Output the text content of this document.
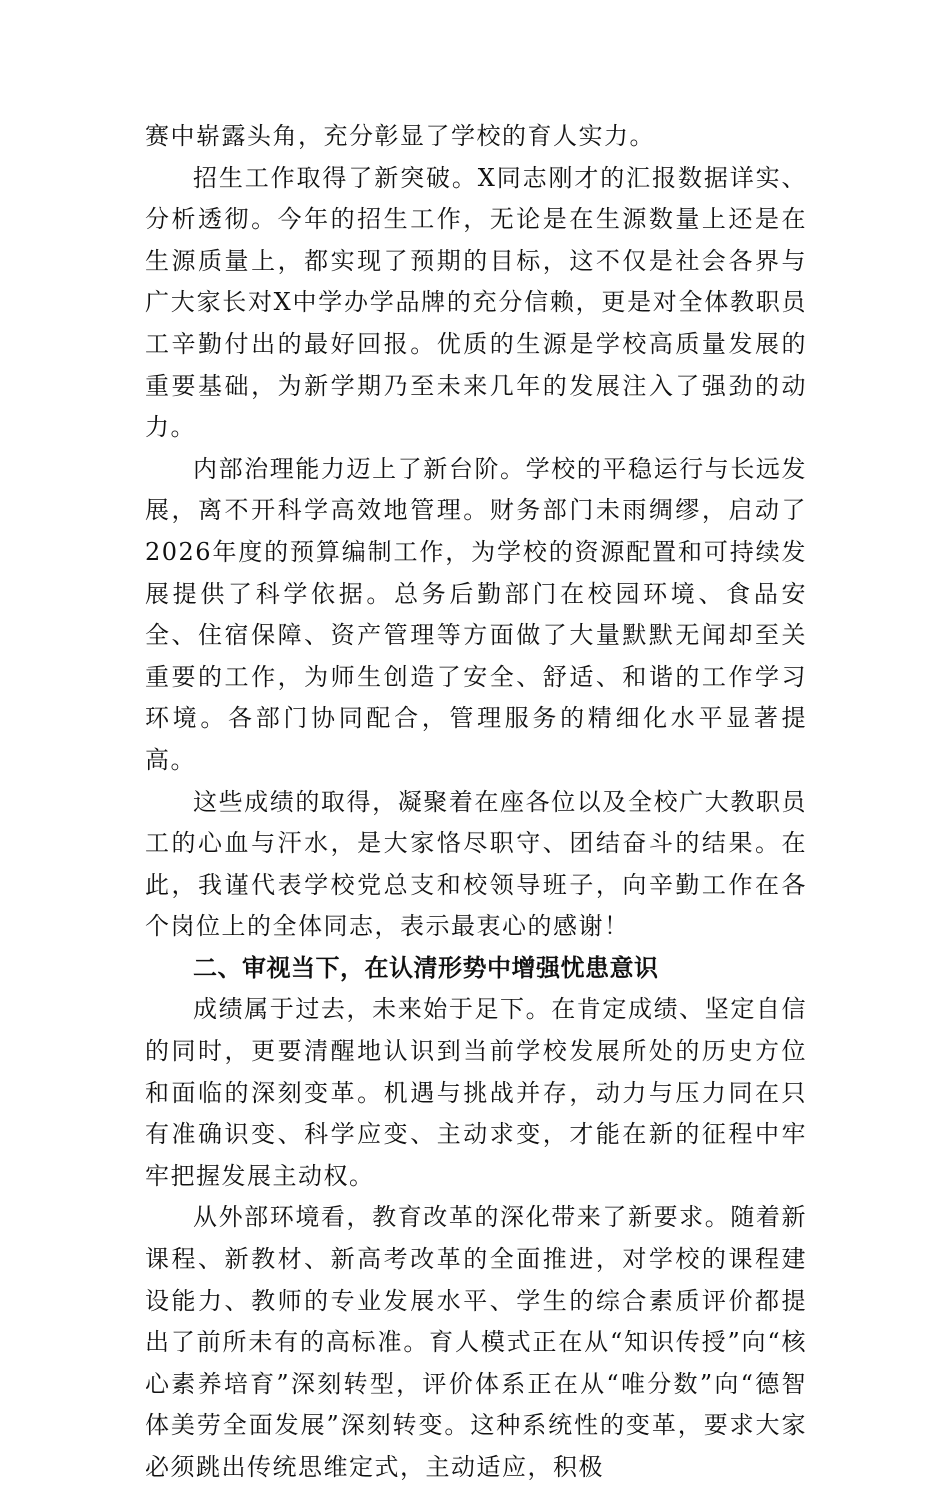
赛中崭露头角，充分彰显了学校的育人实力。

招生工作取得了新突破。X同志刚才的汇报数据详实、分析透彻。今年的招生工作，无论是在生源数量上还是在生源质量上，都实现了预期的目标，这不仅是社会各界与广大家长对X中学办学品牌的充分信赖，更是对全体教职员工辛勤付出的最好回报。优质的生源是学校高质量发展的重要基础，为新学期乃至未来几年的发展注入了强劲的动力。

内部治理能力迈上了新台阶。学校的平稳运行与长远发展，离不开科学高效地管理。财务部门未雨绸缪，启动了2026年度的预算编制工作，为学校的资源配置和可持续发展提供了科学依据。总务后勤部门在校园环境、食品安全、住宿保障、资产管理等方面做了大量默默无闻却至关重要的工作，为师生创造了安全、舒适、和谐的工作学习环境。各部门协同配合，管理服务的精细化水平显著提高。

这些成绩的取得，凝聚着在座各位以及全校广大教职员工的心血与汗水，是大家恪尽职守、团结奋斗的结果。在此，我谨代表学校党总支和校领导班子，向辛勤工作在各个岗位上的全体同志，表示最衷心的感谢！

二、审视当下，在认清形势中增强忧患意识

成绩属于过去，未来始于足下。在肯定成绩、坚定自信的同时，更要清醒地认识到当前学校发展所处的历史方位和面临的深刻变革。机遇与挑战并存，动力与压力同在只有准确识变、科学应变、主动求变，才能在新的征程中牢牢把握发展主动权。

从外部环境看，教育改革的深化带来了新要求。随着新课程、新教材、新高考改革的全面推进，对学校的课程建设能力、教师的专业发展水平、学生的综合素质评价都提出了前所未有的高标准。育人模式正在从“知识传授”向“核心素养培育”深刻转型，评价体系正在从“唯分数”向“德智体美劳全面发展”深刻转变。这种系统性的变革，要求大家必须跳出传统思维定式，主动适应，积极
